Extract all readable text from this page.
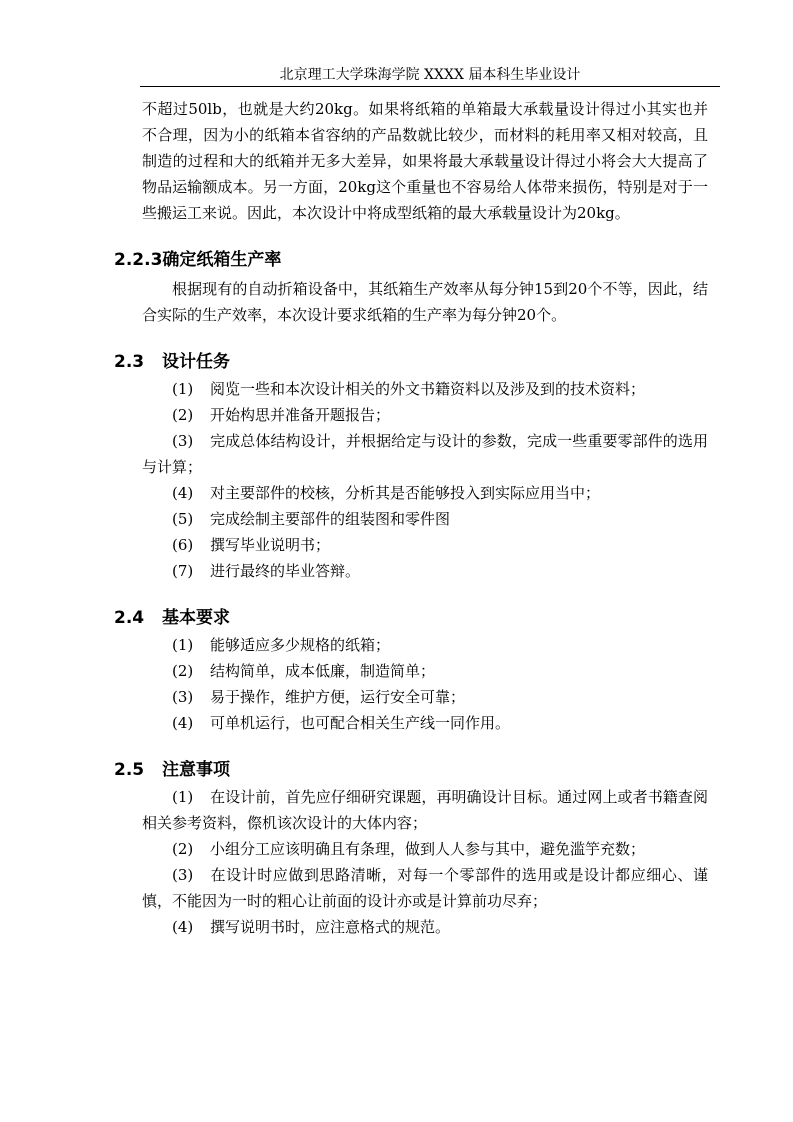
北京理工大学珠海学院 XXXX 届本科生毕业设计

不超过50lb，也就是大约20kg。如果将纸箱的单箱最大承载量设计得过小其实也并不合理，因为小的纸箱本省容纳的产品数就比较少，而材料的耗用率又相对较高，且制造的过程和大的纸箱并无多大差异，如果将最大承载量设计得过小将会大大提高了物品运输额成本。另一方面，20kg这个重量也不容易给人体带来损伤，特别是对于一些搬运工来说。因此，本次设计中将成型纸箱的最大承载量设计为20kg。

2.2.3确定纸箱生产率

根据现有的自动折箱设备中，其纸箱生产效率从每分钟15到20个不等，因此，结合实际的生产效率，本次设计要求纸箱的生产率为每分钟20个。

2.3	设计任务

(1) 阅览一些和本次设计相关的外文书籍资料以及涉及到的技术资料；

(2) 开始构思并准备开题报告；

(3) 完成总体结构设计，并根据给定与设计的参数，完成一些重要零部件的选用与计算；

(4) 对主要部件的校核，分析其是否能够投入到实际应用当中；

(5) 完成绘制主要部件的组装图和零件图

(6) 撰写毕业说明书；

(7) 进行最终的毕业答辩。

2.4	基本要求

(1) 能够适应多少规格的纸箱；

(2) 结构简单，成本低廉，制造简单；

(3) 易于操作，维护方便，运行安全可靠；

(4) 可单机运行，也可配合相关生产线一同作用。

2.5	注意事项

(1) 在设计前，首先应仔细研究课题，再明确设计目标。通过网上或者书籍查阅相关参考资料，傺机该次设计的大体内容；

(2) 小组分工应该明确且有条理，做到人人参与其中，避免滥竽充数；

(3) 在设计时应做到思路清晰，对每一个零部件的选用或是设计都应细心、谨慎，不能因为一时的粗心让前面的设计亦或是计算前功尽弃；

(4) 撰写说明书时，应注意格式的规范。
